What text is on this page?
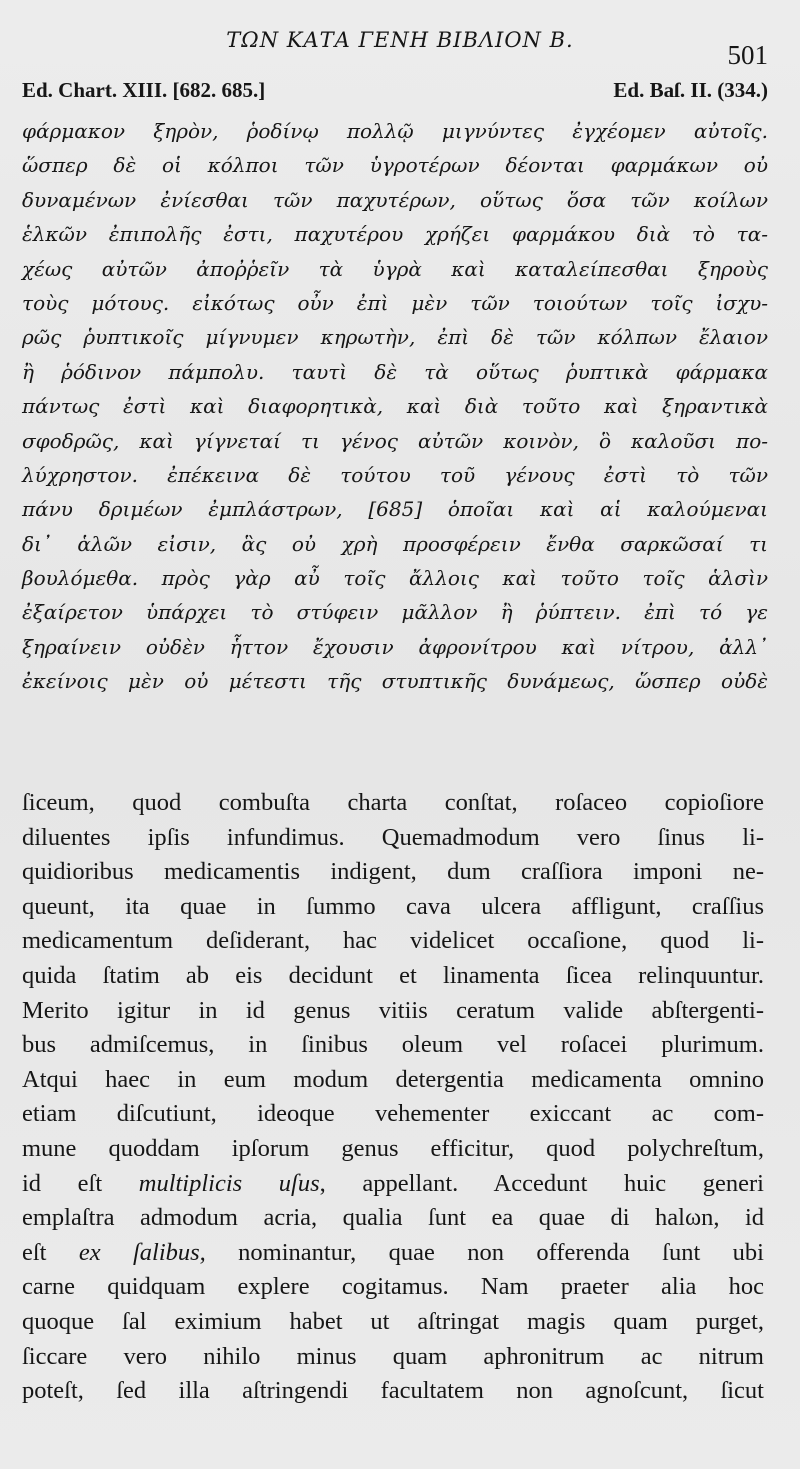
ΤΩΝ ΚΑΤΑ ΓΕΝΗ ΒΙΒΛΙΟΝ Β.	501
Ed. Chart. XIII. [682. 685.]	Ed. Baſ. II. (334.)
φάρμακον ξηρὸν, ῥοδίνῳ πολλῷ μιγνύντες ἐγχέομεν αὐτοῖς.
ὥσπερ δὲ οἱ κόλποι τῶν ὑγροτέρων δέονται φαρμάκων οὐ
δυναμένων ἐνίεσθαι τῶν παχυτέρων, οὕτως ὅσα τῶν κοίλων
ἑλκῶν ἐπιπολῆς ἐστι, παχυτέρου χρήζει φαρμάκου διὰ τὸ τα-
χέως αὐτῶν ἀποῤῥεῖν τὰ ὑγρὰ καὶ καταλείπεσθαι ξηροὺς
τοὺς μότους. εἰκότως οὖν ἐπὶ μὲν τῶν τοιούτων τοῖς ἰσχυ-
ρῶς ῥυπτικοῖς μίγνυμεν κηρωτὴν, ἐπὶ δὲ τῶν κόλπων ἔλαιον
ἢ ῥόδινον πάμπολυ. ταυτὶ δὲ τὰ οὕτως ῥυπτικὰ φάρμακα
πάντως ἐστὶ καὶ διαφορητικὰ, καὶ διὰ τοῦτο καὶ ξηραντικὰ
σφοδρῶς, καὶ γίγνεταί τι γένος αὐτῶν κοινὸν, ὃ καλοῦσι πο-
λύχρηστον. ἐπέκεινα δὲ τούτου τοῦ γένους ἐστὶ τὸ τῶν
πάνυ δριμέων ἐμπλάστρων, [685] ὁποῖαι καὶ αἱ καλούμεναι
δι᾽ ἁλῶν εἰσιν, ἃς οὐ χρὴ προσφέρειν ἔνθα σαρκῶσαί τι
βουλόμεθα. πρὸς γὰρ αὖ τοῖς ἄλλοις καὶ τοῦτο τοῖς ἁλσὶν
ἐξαίρετον ὑπάρχει τὸ στύφειν μᾶλλον ἢ ῥύπτειν. ἐπὶ τό γε
ξηραίνειν οὐδὲν ἧττον ἔχουσιν ἀφρονίτρου καὶ νίτρου, ἀλλ᾽
ἐκείνοις μὲν οὐ μέτεστι τῆς στυπτικῆς δυνάμεως, ὥσπερ οὐδὲ
ſiceum, quod combuſta charta conſtat, roſaceo copioſiore
diluentes ipſis infundimus. Quemadmodum vero ſinus li-
quidioribus medicamentis indigent, dum craſſiora imponi ne-
queunt, ita quae in ſummo cava ulcera affligunt, craſſius
medicamentum deſiderant, hac videlicet occaſione, quod li-
quida ſtatim ab eis decidunt et linamenta ſicea relinquuntur.
Merito igitur in id genus vitiis ceratum valide abſtergenti-
bus admiſcemus, in ſinibus oleum vel roſacei plurimum.
Atqui haec in eum modum detergentia medicamenta omnino
etiam diſcutiunt, ideoque vehementer exiccant ac com-
mune quoddam ipſorum genus efficitur, quod polychreſtum,
id eſt multiplicis uſus, appellant. Accedunt huic generi
emplaſtra admodum acria, qualia ſunt ea quae di halωn, id
eſt ex ſalibus, nominantur, quae non offerenda ſunt ubi
carne quidquam explere cogitamus. Nam praeter alia hoc
quoque ſal eximium habet ut aſtringat magis quam purget,
ſiccare vero nihilo minus quam aphronitrum ac nitrum
poteſt, ſed illa aſtringendi facultatem non agnoſcunt, ſicut
